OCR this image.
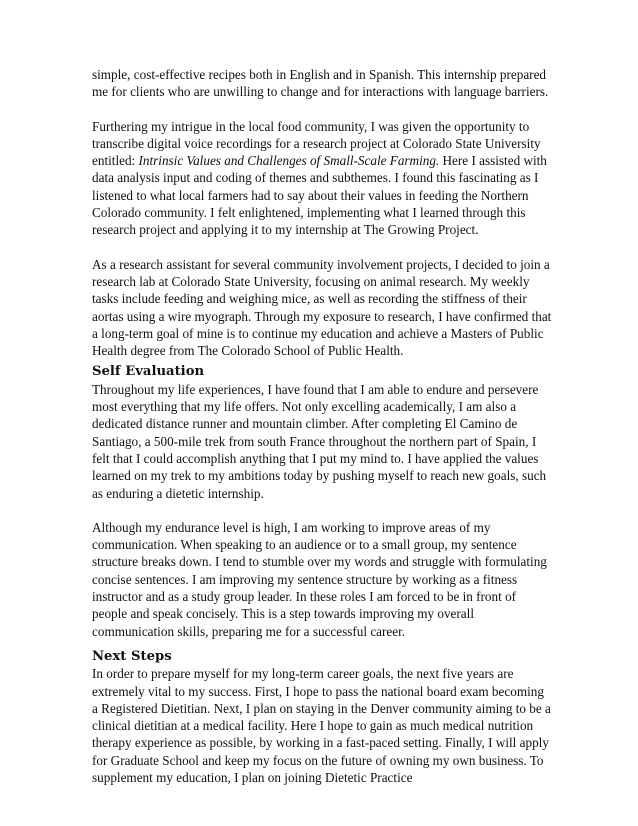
simple, cost-effective recipes both in English and in Spanish. This internship prepared me for clients who are unwilling to change and for interactions with language barriers.

Furthering my intrigue in the local food community, I was given the opportunity to transcribe digital voice recordings for a research project at Colorado State University entitled: Intrinsic Values and Challenges of Small-Scale Farming. Here I assisted with data analysis input and coding of themes and subthemes. I found this fascinating as I listened to what local farmers had to say about their values in feeding the Northern Colorado community. I felt enlightened, implementing what I learned through this research project and applying it to my internship at The Growing Project.

As a research assistant for several community involvement projects, I decided to join a research lab at Colorado State University, focusing on animal research. My weekly tasks include feeding and weighing mice, as well as recording the stiffness of their aortas using a wire myograph. Through my exposure to research, I have confirmed that a long-term goal of mine is to continue my education and achieve a Masters of Public Health degree from The Colorado School of Public Health.

Self Evaluation

Throughout my life experiences, I have found that I am able to endure and persevere most everything that my life offers. Not only excelling academically, I am also a dedicated distance runner and mountain climber. After completing El Camino de Santiago, a 500-mile trek from south France throughout the northern part of Spain, I felt that I could accomplish anything that I put my mind to. I have applied the values learned on my trek to my ambitions today by pushing myself to reach new goals, such as enduring a dietetic internship.

Although my endurance level is high, I am working to improve areas of my communication. When speaking to an audience or to a small group, my sentence structure breaks down. I tend to stumble over my words and struggle with formulating concise sentences. I am improving my sentence structure by working as a fitness instructor and as a study group leader. In these roles I am forced to be in front of people and speak concisely. This is a step towards improving my overall communication skills, preparing me for a successful career.

Next Steps

In order to prepare myself for my long-term career goals, the next five years are extremely vital to my success. First, I hope to pass the national board exam becoming a Registered Dietitian. Next, I plan on staying in the Denver community aiming to be a clinical dietitian at a medical facility. Here I hope to gain as much medical nutrition therapy experience as possible, by working in a fast-paced setting. Finally, I will apply for Graduate School and keep my focus on the future of owning my own business. To supplement my education, I plan on joining Dietetic Practice
